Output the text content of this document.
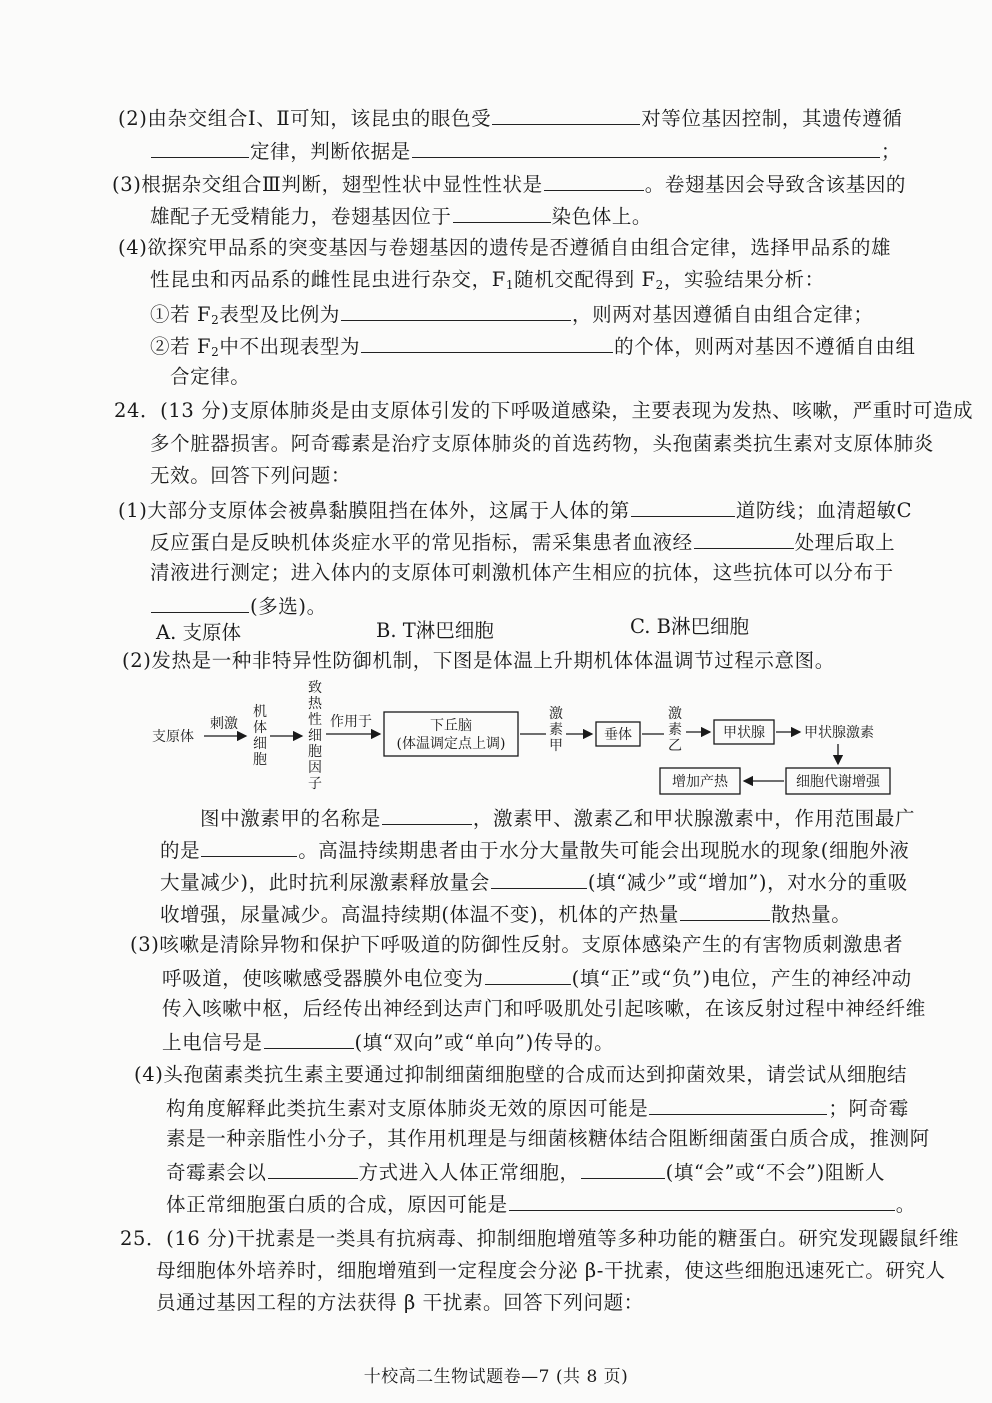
(2)由杂交组合Ⅰ、Ⅱ可知，该昆虫的眼色受	对等位基因控制，其遗传遵循
定律，判断依据是	；
(3)根据杂交组合Ⅲ判断，翅型性状中显性性状是	。卷翅基因会导致含该基因的
雄配子无受精能力，卷翅基因位于	染色体上。
(4)欲探究甲品系的突变基因与卷翅基因的遗传是否遵循自由组合定律，选择甲品系的雄
性昆虫和丙品系的雌性昆虫进行杂交，$F_1$随机交配得到 $F_2$，实验结果分析：
①若 $F_2$表型及比例为	，则两对基因遵循自由组合定律；
②若 $F_2$中不出现表型为	的个体，则两对基因不遵循自由组
合定律。
24．(13 分)支原体肺炎是由支原体引发的下呼吸道感染，主要表现为发热、咳嗽，严重时可造成
多个脏器损害。阿奇霉素是治疗支原体肺炎的首选药物，头孢菌素类抗生素对支原体肺炎
无效。回答下列问题：
(1)大部分支原体会被鼻黏膜阻挡在体外，这属于人体的第	道防线；血清超敏C
反应蛋白是反映机体炎症水平的常见指标，需采集患者血液经	处理后取上
清液进行测定；进入体内的支原体可刺激机体产生相应的抗体，这些抗体可以分布于
(多选)。
A. 支原体	B. T淋巴细胞	C. B淋巴细胞
(2)发热是一种非特异性防御机制，下图是体温上升期机体体温调节过程示意图。
支原体
刺激
机
体
细
胞
致
热
性
细
胞
因
子
作用于	下丘脑
(体温调定点上调)
激
素
甲
垂体
激
素
乙
甲状腺	甲状腺激素
细胞代谢增强
增加产热
图中激素甲的名称是	，激素甲、激素乙和甲状腺激素中，作用范围最广
的是	。高温持续期患者由于水分大量散失可能会出现脱水的现象(细胞外液
大量减少)，此时抗利尿激素释放量会	(填“减少”或“增加”)，对水分的重吸
收增强，尿量减少。高温持续期(体温不变)，机体的产热量	散热量。
(3)咳嗽是清除异物和保护下呼吸道的防御性反射。支原体感染产生的有害物质刺激患者
呼吸道，使咳嗽感受器膜外电位变为	(填“正”或“负”)电位，产生的神经冲动
传入咳嗽中枢，后经传出神经到达声门和呼吸肌处引起咳嗽，在该反射过程中神经纤维
上电信号是	(填“双向”或“单向”)传导的。
(4)头孢菌素类抗生素主要通过抑制细菌细胞壁的合成而达到抑菌效果，请尝试从细胞结
构角度解释此类抗生素对支原体肺炎无效的原因可能是	；阿奇霉
素是一种亲脂性小分子，其作用机理是与细菌核糖体结合阻断细菌蛋白质合成，推测阿
奇霉素会以	方式进入人体正常细胞，	(填“会”或“不会”)阻断人
体正常细胞蛋白质的合成，原因可能是	。
25．(16 分)干扰素是一类具有抗病毒、抑制细胞增殖等多种功能的糖蛋白。研究发现鼹鼠纤维
母细胞体外培养时，细胞增殖到一定程度会分泌 β-干扰素，使这些细胞迅速死亡。研究人
员通过基因工程的方法获得 β 干扰素。回答下列问题：
十校高二生物试题卷—7 (共 8 页)
